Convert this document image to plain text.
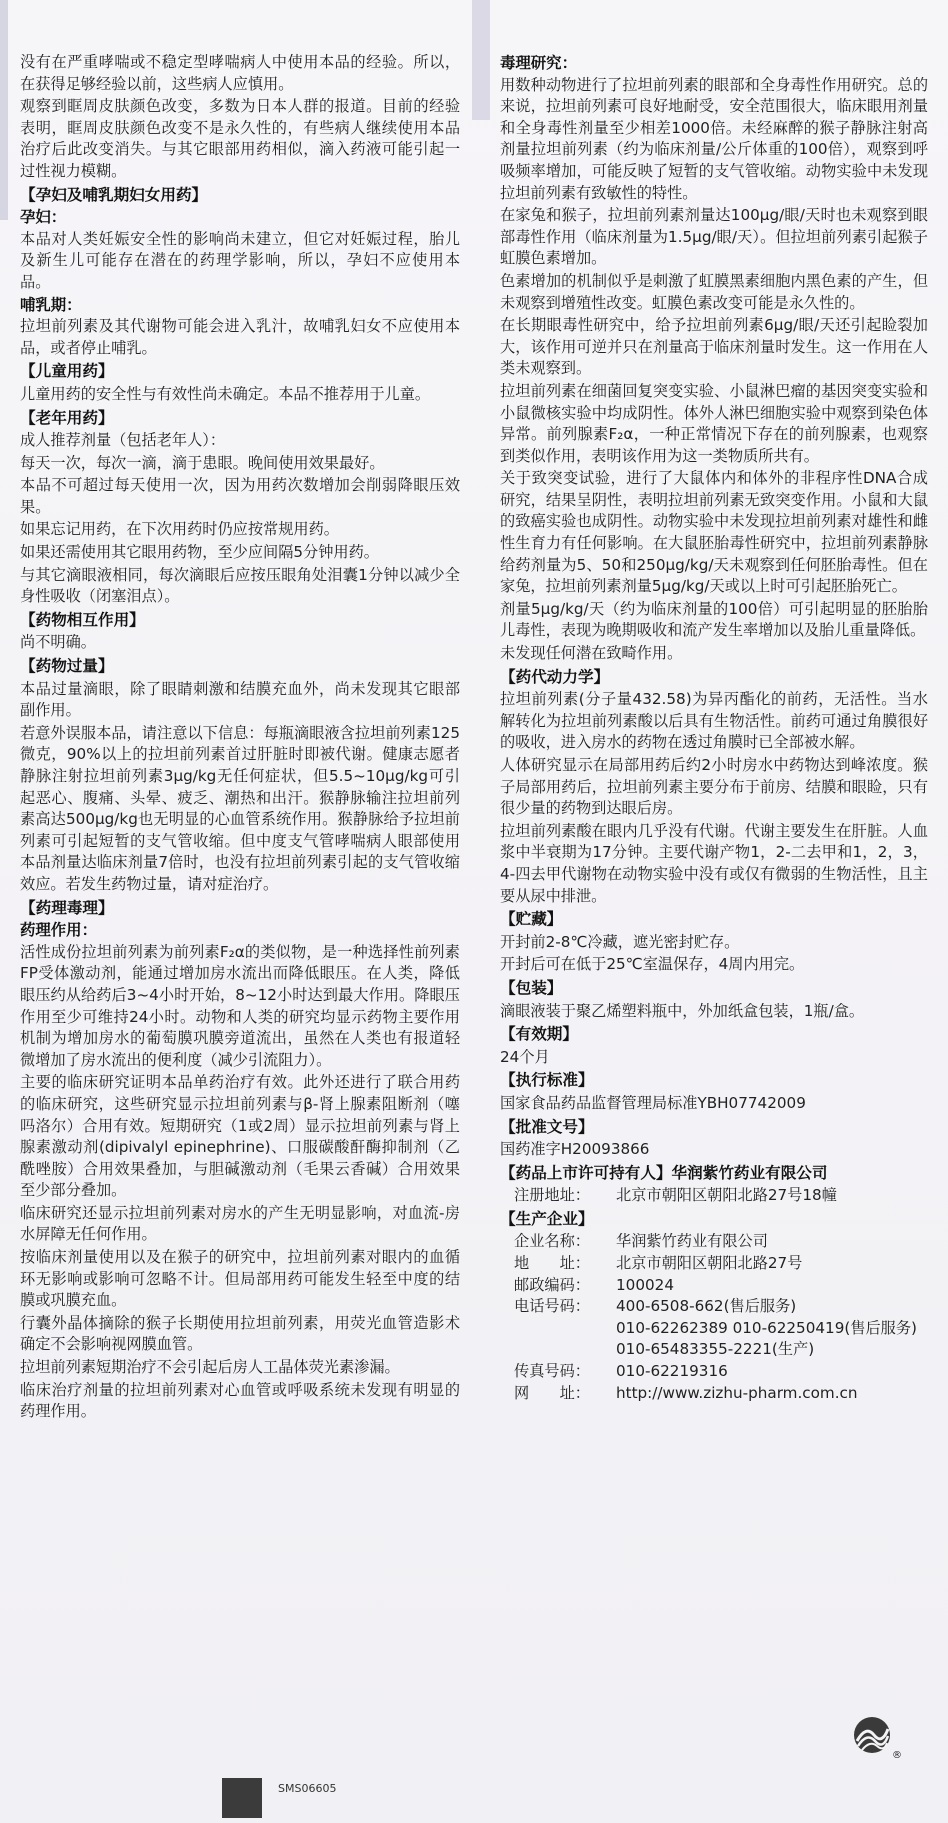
没有在严重哮喘或不稳定型哮喘病人中使用本品的经验。所以，在获得足够经验以前，这些病人应慎用。
观察到眶周皮肤颜色改变，多数为日本人群的报道。目前的经验表明，眶周皮肤颜色改变不是永久性的，有些病人继续使用本品治疗后此改变消失。与其它眼部用药相似，滴入药液可能引起一过性视力模糊。
【孕妇及哺乳期妇女用药】
孕妇：
本品对人类妊娠安全性的影响尚未建立，但它对妊娠过程，胎儿及新生儿可能存在潜在的药理学影响，所以，孕妇不应使用本品。
哺乳期：
拉坦前列素及其代谢物可能会进入乳汁，故哺乳妇女不应使用本品，或者停止哺乳。
【儿童用药】
儿童用药的安全性与有效性尚未确定。本品不推荐用于儿童。
【老年用药】
成人推荐剂量（包括老年人）：
每天一次，每次一滴，滴于患眼。晚间使用效果最好。
本品不可超过每天使用一次，因为用药次数增加会削弱降眼压效果。
如果忘记用药，在下次用药时仍应按常规用药。
如果还需使用其它眼用药物，至少应间隔5分钟用药。
与其它滴眼液相同，每次滴眼后应按压眼角处泪囊1分钟以减少全身性吸收（闭塞泪点）。
【药物相互作用】
尚不明确。
【药物过量】
本品过量滴眼，除了眼睛刺激和结膜充血外，尚未发现其它眼部副作用。
若意外误服本品，请注意以下信息：每瓶滴眼液含拉坦前列素125微克，90%以上的拉坦前列素首过肝脏时即被代谢。健康志愿者静脉注射拉坦前列素3μg/kg无任何症状，但5.5~10μg/kg可引起恶心、腹痛、头晕、疲乏、潮热和出汗。猴静脉输注拉坦前列素高达500μg/kg也无明显的心血管系统作用。猴静脉给予拉坦前列素可引起短暂的支气管收缩。但中度支气管哮喘病人眼部使用本品剂量达临床剂量7倍时，也没有拉坦前列素引起的支气管收缩效应。若发生药物过量，请对症治疗。
【药理毒理】
药理作用：
活性成份拉坦前列素为前列素F₂α的类似物，是一种选择性前列素FP受体激动剂，能通过增加房水流出而降低眼压。在人类，降低眼压约从给药后3~4小时开始，8~12小时达到最大作用。降眼压作用至少可维持24小时。动物和人类的研究均显示药物主要作用机制为增加房水的葡萄膜巩膜旁道流出，虽然在人类也有报道轻微增加了房水流出的便利度（减少引流阻力）。
主要的临床研究证明本品单药治疗有效。此外还进行了联合用药的临床研究，这些研究显示拉坦前列素与β-肾上腺素阻断剂（噻吗洛尔）合用有效。短期研究（1或2周）显示拉坦前列素与肾上腺素激动剂(dipivalyl epinephrine)、口服碳酸酐酶抑制剂（乙酰唑胺）合用效果叠加，与胆碱激动剂（毛果云香碱）合用效果至少部分叠加。
临床研究还显示拉坦前列素对房水的产生无明显影响，对血流-房水屏障无任何作用。
按临床剂量使用以及在猴子的研究中，拉坦前列素对眼内的血循环无影响或影响可忽略不计。但局部用药可能发生轻至中度的结膜或巩膜充血。
行囊外晶体摘除的猴子长期使用拉坦前列素，用荧光血管造影术确定不会影响视网膜血管。
拉坦前列素短期治疗不会引起后房人工晶体荧光素渗漏。
临床治疗剂量的拉坦前列素对心血管或呼吸系统未发现有明显的药理作用。
毒理研究：
用数种动物进行了拉坦前列素的眼部和全身毒性作用研究。总的来说，拉坦前列素可良好地耐受，安全范围很大，临床眼用剂量和全身毒性剂量至少相差1000倍。未经麻醉的猴子静脉注射高剂量拉坦前列素（约为临床剂量/公斤体重的100倍），观察到呼吸频率增加，可能反映了短暂的支气管收缩。动物实验中未发现拉坦前列素有致敏性的特性。
在家兔和猴子，拉坦前列素剂量达100μg/眼/天时也未观察到眼部毒性作用（临床剂量为1.5μg/眼/天）。但拉坦前列素引起猴子虹膜色素增加。
色素增加的机制似乎是刺激了虹膜黑素细胞内黑色素的产生，但未观察到增殖性改变。虹膜色素改变可能是永久性的。
在长期眼毒性研究中，给予拉坦前列素6μg/眼/天还引起睑裂加大，该作用可逆并只在剂量高于临床剂量时发生。这一作用在人类未观察到。
拉坦前列素在细菌回复突变实验、小鼠淋巴瘤的基因突变实验和小鼠微核实验中均成阴性。体外人淋巴细胞实验中观察到染色体异常。前列腺素F₂α，一种正常情况下存在的前列腺素，也观察到类似作用，表明该作用为这一类物质所共有。
关于致突变试验，进行了大鼠体内和体外的非程序性DNA合成研究，结果呈阴性，表明拉坦前列素无致突变作用。小鼠和大鼠的致癌实验也成阴性。动物实验中未发现拉坦前列素对雄性和雌性生育力有任何影响。在大鼠胚胎毒性研究中，拉坦前列素静脉给药剂量为5、50和250μg/kg/天未观察到任何胚胎毒性。但在家兔，拉坦前列素剂量5μg/kg/天或以上时可引起胚胎死亡。
剂量5μg/kg/天（约为临床剂量的100倍）可引起明显的胚胎胎儿毒性，表现为晚期吸收和流产发生率增加以及胎儿重量降低。
未发现任何潜在致畸作用。
【药代动力学】
拉坦前列素(分子量432.58)为异丙酯化的前药，无活性。当水解转化为拉坦前列素酸以后具有生物活性。前药可通过角膜很好的吸收，进入房水的药物在透过角膜时已全部被水解。
人体研究显示在局部用药后约2小时房水中药物达到峰浓度。猴子局部用药后，拉坦前列素主要分布于前房、结膜和眼睑，只有很少量的药物到达眼后房。
拉坦前列素酸在眼内几乎没有代谢。代谢主要发生在肝脏。人血浆中半衰期为17分钟。主要代谢产物1，2-二去甲和1，2，3，4-四去甲代谢物在动物实验中没有或仅有微弱的生物活性，且主要从尿中排泄。
【贮藏】
开封前2-8℃冷藏，遮光密封贮存。
开封后可在低于25℃室温保存，4周内用完。
【包装】
滴眼液装于聚乙烯塑料瓶中，外加纸盒包装，1瓶/盒。
【有效期】
24个月
【执行标准】
国家食品药品监督管理局标准YBH07742009
【批准文号】
国药准字H20093866
【药品上市许可持有人】华润紫竹药业有限公司
注册地址：	北京市朝阳区朝阳北路27号18幢
【生产企业】
企业名称：	华润紫竹药业有限公司
地　　址：	北京市朝阳区朝阳北路27号
邮政编码：	100024
电话号码：	400-6508-662(售后服务)
010-62262389 010-62250419(售后服务)
010-65483355-2221(生产)
传真号码：	010-62219316
网　　址：	http://www.zizhu-pharm.com.cn
SMS06605
®
